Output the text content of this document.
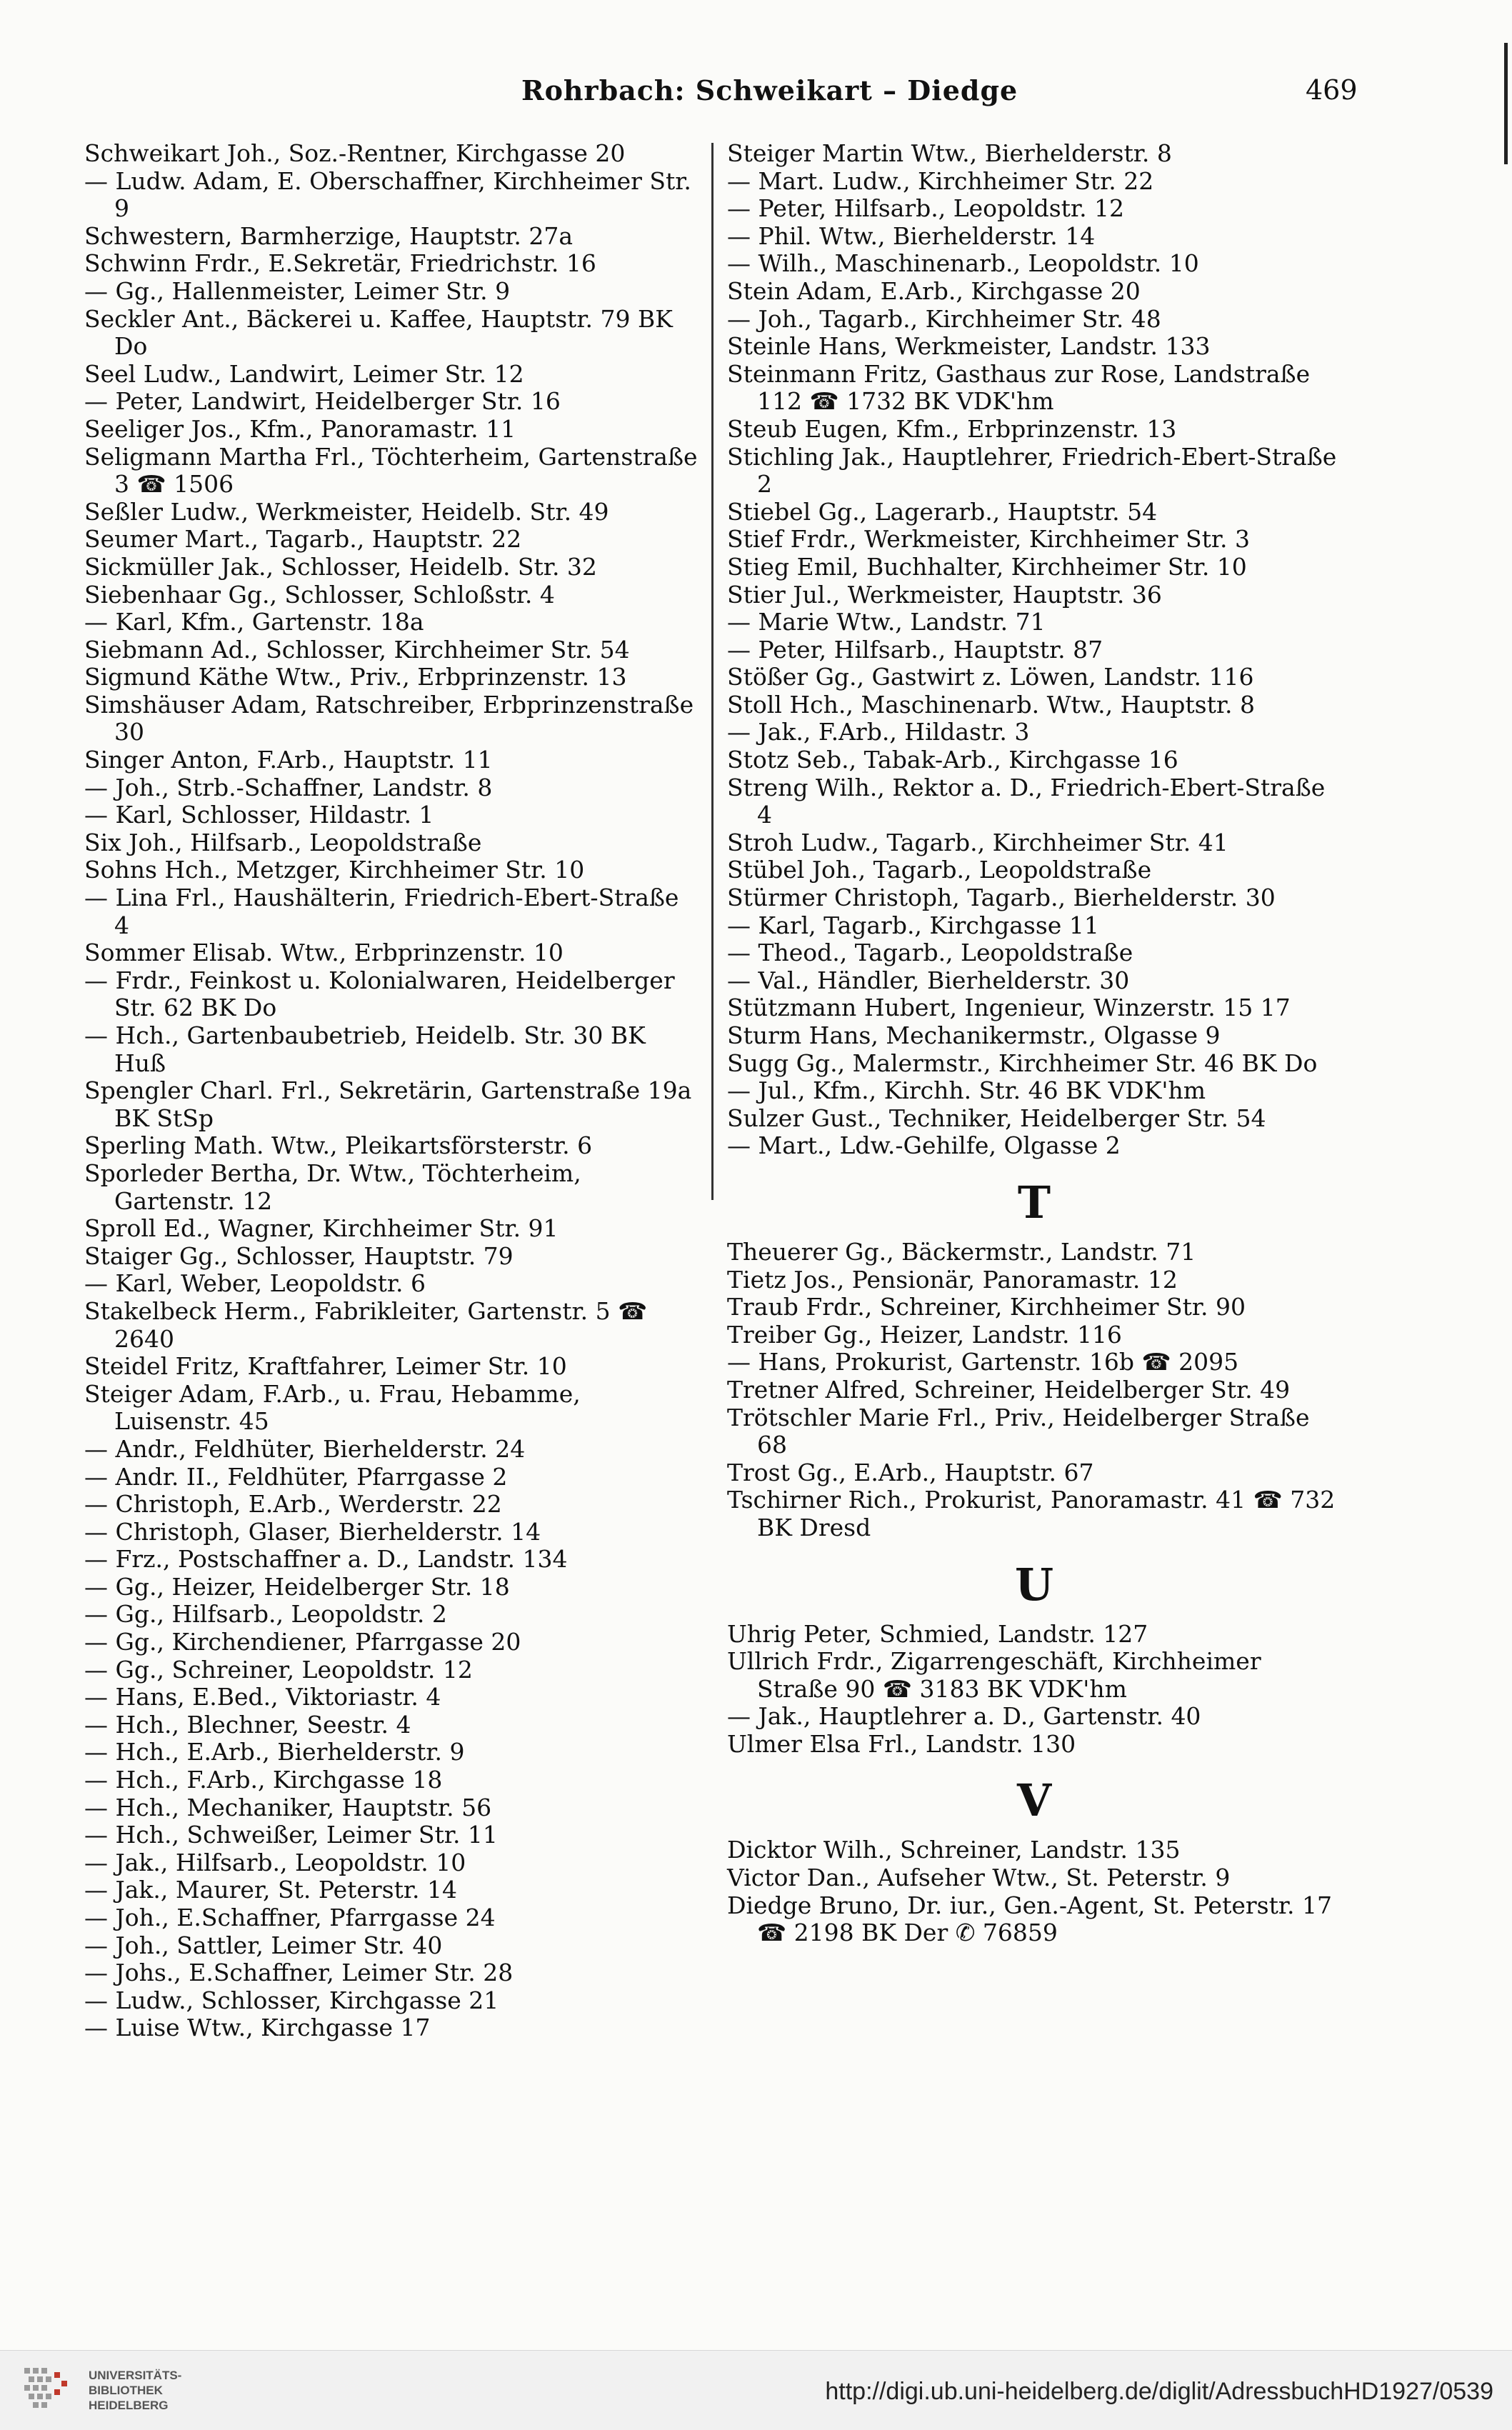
Rohrbach: Schweikart – Diedge	469
Schweikart Joh., Soz.-Rentner, Kirchgasse 20
— Ludw. Adam, E. Oberschaffner, Kirchheimer Str. 9
Schwestern, Barmherzige, Hauptstr. 27a
Schwinn Frdr., E.Sekretär, Friedrichstr. 16
— Gg., Hallenmeister, Leimer Str. 9
Seckler Ant., Bäckerei u. Kaffee, Hauptstr. 79 BK Do
Seel Ludw., Landwirt, Leimer Str. 12
— Peter, Landwirt, Heidelberger Str. 16
Seeliger Jos., Kfm., Panoramastr. 11
Seligmann Martha Frl., Töchterheim, Gartenstraße 3 ☎ 1506
Seßler Ludw., Werkmeister, Heidelb. Str. 49
Seumer Mart., Tagarb., Hauptstr. 22
Sickmüller Jak., Schlosser, Heidelb. Str. 32
Siebenhaar Gg., Schlosser, Schloßstr. 4
— Karl, Kfm., Gartenstr. 18a
Siebmann Ad., Schlosser, Kirchheimer Str. 54
Sigmund Käthe Wtw., Priv., Erbprinzenstr. 13
Simshäuser Adam, Ratschreiber, Erbprinzenstraße 30
Singer Anton, F.Arb., Hauptstr. 11
— Joh., Strb.-Schaffner, Landstr. 8
— Karl, Schlosser, Hildastr. 1
Six Joh., Hilfsarb., Leopoldstraße
Sohns Hch., Metzger, Kirchheimer Str. 10
— Lina Frl., Haushälterin, Friedrich-Ebert-Straße 4
Sommer Elisab. Wtw., Erbprinzenstr. 10
— Frdr., Feinkost u. Kolonialwaren, Heidelberger Str. 62 BK Do
— Hch., Gartenbaubetrieb, Heidelb. Str. 30 BK Huß
Spengler Charl. Frl., Sekretärin, Gartenstraße 19a BK StSp
Sperling Math. Wtw., Pleikartsförsterstr. 6
Sporleder Bertha, Dr. Wtw., Töchterheim, Gartenstr. 12
Sproll Ed., Wagner, Kirchheimer Str. 91
Staiger Gg., Schlosser, Hauptstr. 79
— Karl, Weber, Leopoldstr. 6
Stakelbeck Herm., Fabrikleiter, Gartenstr. 5 ☎ 2640
Steidel Fritz, Kraftfahrer, Leimer Str. 10
Steiger Adam, F.Arb., u. Frau, Hebamme, Luisenstr. 45
— Andr., Feldhüter, Bierhelderstr. 24
— Andr. II., Feldhüter, Pfarrgasse 2
— Christoph, E.Arb., Werderstr. 22
— Christoph, Glaser, Bierhelderstr. 14
— Frz., Postschaffner a. D., Landstr. 134
— Gg., Heizer, Heidelberger Str. 18
— Gg., Hilfsarb., Leopoldstr. 2
— Gg., Kirchendiener, Pfarrgasse 20
— Gg., Schreiner, Leopoldstr. 12
— Hans, E.Bed., Viktoriastr. 4
— Hch., Blechner, Seestr. 4
— Hch., E.Arb., Bierhelderstr. 9
— Hch., F.Arb., Kirchgasse 18
— Hch., Mechaniker, Hauptstr. 56
— Hch., Schweißer, Leimer Str. 11
— Jak., Hilfsarb., Leopoldstr. 10
— Jak., Maurer, St. Peterstr. 14
— Joh., E.Schaffner, Pfarrgasse 24
— Joh., Sattler, Leimer Str. 40
— Johs., E.Schaffner, Leimer Str. 28
— Ludw., Schlosser, Kirchgasse 21
— Luise Wtw., Kirchgasse 17
Steiger Martin Wtw., Bierhelderstr. 8
— Mart. Ludw., Kirchheimer Str. 22
— Peter, Hilfsarb., Leopoldstr. 12
— Phil. Wtw., Bierhelderstr. 14
— Wilh., Maschinenarb., Leopoldstr. 10
Stein Adam, E.Arb., Kirchgasse 20
— Joh., Tagarb., Kirchheimer Str. 48
Steinle Hans, Werkmeister, Landstr. 133
Steinmann Fritz, Gasthaus zur Rose, Landstraße 112 ☎ 1732 BK VDK'hm
Steub Eugen, Kfm., Erbprinzenstr. 13
Stichling Jak., Hauptlehrer, Friedrich-Ebert-Straße 2
Stiebel Gg., Lagerarb., Hauptstr. 54
Stief Frdr., Werkmeister, Kirchheimer Str. 3
Stieg Emil, Buchhalter, Kirchheimer Str. 10
Stier Jul., Werkmeister, Hauptstr. 36
— Marie Wtw., Landstr. 71
— Peter, Hilfsarb., Hauptstr. 87
Stößer Gg., Gastwirt z. Löwen, Landstr. 116
Stoll Hch., Maschinenarb. Wtw., Hauptstr. 8
— Jak., F.Arb., Hildastr. 3
Stotz Seb., Tabak-Arb., Kirchgasse 16
Streng Wilh., Rektor a. D., Friedrich-Ebert-Straße 4
Stroh Ludw., Tagarb., Kirchheimer Str. 41
Stübel Joh., Tagarb., Leopoldstraße
Stürmer Christoph, Tagarb., Bierhelderstr. 30
— Karl, Tagarb., Kirchgasse 11
— Theod., Tagarb., Leopoldstraße
— Val., Händler, Bierhelderstr. 30
Stützmann Hubert, Ingenieur, Winzerstr. 15 17
Sturm Hans, Mechanikermstr., Olgasse 9
Sugg Gg., Malermstr., Kirchheimer Str. 46 BK Do
— Jul., Kfm., Kirchh. Str. 46 BK VDK'hm
Sulzer Gust., Techniker, Heidelberger Str. 54
— Mart., Ldw.-Gehilfe, Olgasse 2
T
Theuerer Gg., Bäckermstr., Landstr. 71
Tietz Jos., Pensionär, Panoramastr. 12
Traub Frdr., Schreiner, Kirchheimer Str. 90
Treiber Gg., Heizer, Landstr. 116
— Hans, Prokurist, Gartenstr. 16b ☎ 2095
Tretner Alfred, Schreiner, Heidelberger Str. 49
Trötschler Marie Frl., Priv., Heidelberger Straße 68
Trost Gg., E.Arb., Hauptstr. 67
Tschirner Rich., Prokurist, Panoramastr. 41 ☎ 732 BK Dresd
U
Uhrig Peter, Schmied, Landstr. 127
Ullrich Frdr., Zigarrengeschäft, Kirchheimer Straße 90 ☎ 3183 BK VDK'hm
— Jak., Hauptlehrer a. D., Gartenstr. 40
Ulmer Elsa Frl., Landstr. 130
V
Dicktor Wilh., Schreiner, Landstr. 135
Victor Dan., Aufseher Wtw., St. Peterstr. 9
Diedge Bruno, Dr. iur., Gen.-Agent, St. Peterstr. 17 ☎ 2198 BK Der ✆ 76859
UNIVERSITÄTS-
BIBLIOTHEK
HEIDELBERG
http://digi.ub.uni-heidelberg.de/diglit/AdressbuchHD1927/0539
